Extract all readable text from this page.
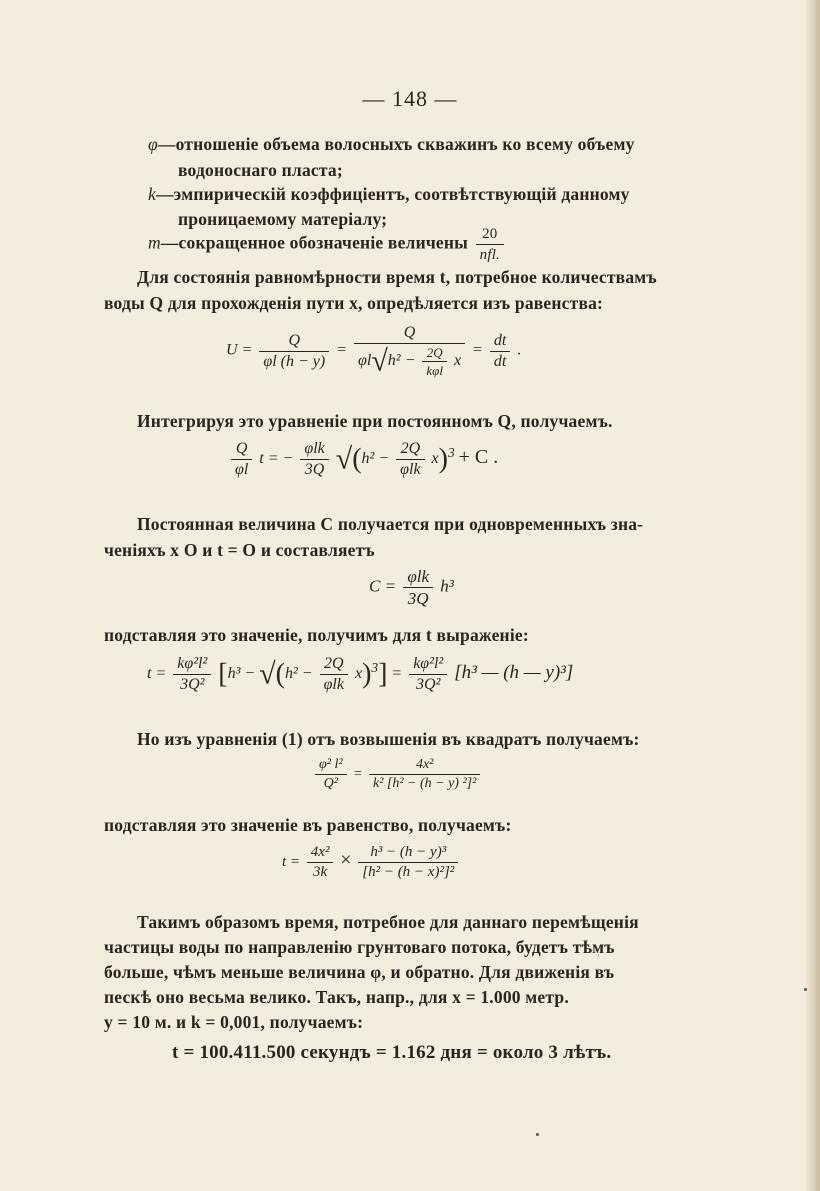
— 148 —
φ—отношеніе объема волосныхъ скважинъ ко всему объему
водоноснаго пласта;
k—эмпирическій коэффиціентъ, соотвѣтствующій данному
проницаемому матеріалу;
m—сокращенное обозначеніе величены $\frac{20}{\text{nfl.}}$
Для состоянія равномѣрности время t, потребное количествамъ
воды Q для прохожденія пути x, опредѣляется изъ равенства:
$U = \frac{Q}{\varphi l (h - y)} = \frac{Q}{\varphi l√h^2 - \frac{2Q}{\text{kφl}} x} = \frac{dt}{dt}$ .
Интегрируя это уравненіе при постоянномъ Q, получаемъ.
$\frac{Q}{\varphi l}$ t = − $\frac{\text{φlk}}{3Q} √(h^2 - \frac{2Q}{\text{φlk}} x)^3 + C$ .
Постоянная величина C получается при одновременныхъ зна-
ченіяхъ x O и t = O и составляетъ
$C = \frac{\text{φlk}}{3Q} h^3$
подставляя это значеніе, получимъ для t выраженіе:
$t = \frac{\text{kφ²l²}}{\text{3Q²}} [h^3 - √(h^2 - \frac{2Q}{\text{φlk}} x)^3] = \frac{\text{kφ²l²}}{\text{3Q²}} [h^3$ — (h — y)³]
Но изъ уравненія (1) отъ возвышенія въ квадратъ получаемъ:
$\frac{\text{φ² l²}}{\text{Q²}} = \frac{\text{4x²}}{\text{k² [h² − (h − y) ²]²}}$
подставляя это значеніе въ равенство, получаемъ:
$t = \frac{\text{4x²}}{3k} \times \frac{\text{h³ − (h − y)³}}{\text{[h² − (h − x)²]²}}$
Такимъ образомъ время, потребное для даннаго перемѣщенія
частицы воды по направленію грунтоваго потока, будетъ тѣмъ
больше, чѣмъ меньше величина φ, и обратно. Для движенія въ
пескѣ оно весьма велико. Такъ, напр., для x = 1.000 метр.
y = 10 м. и k = 0,001, получаемъ:
t = 100.411.500 секундъ = 1.162 дня = около 3 лѣтъ.
